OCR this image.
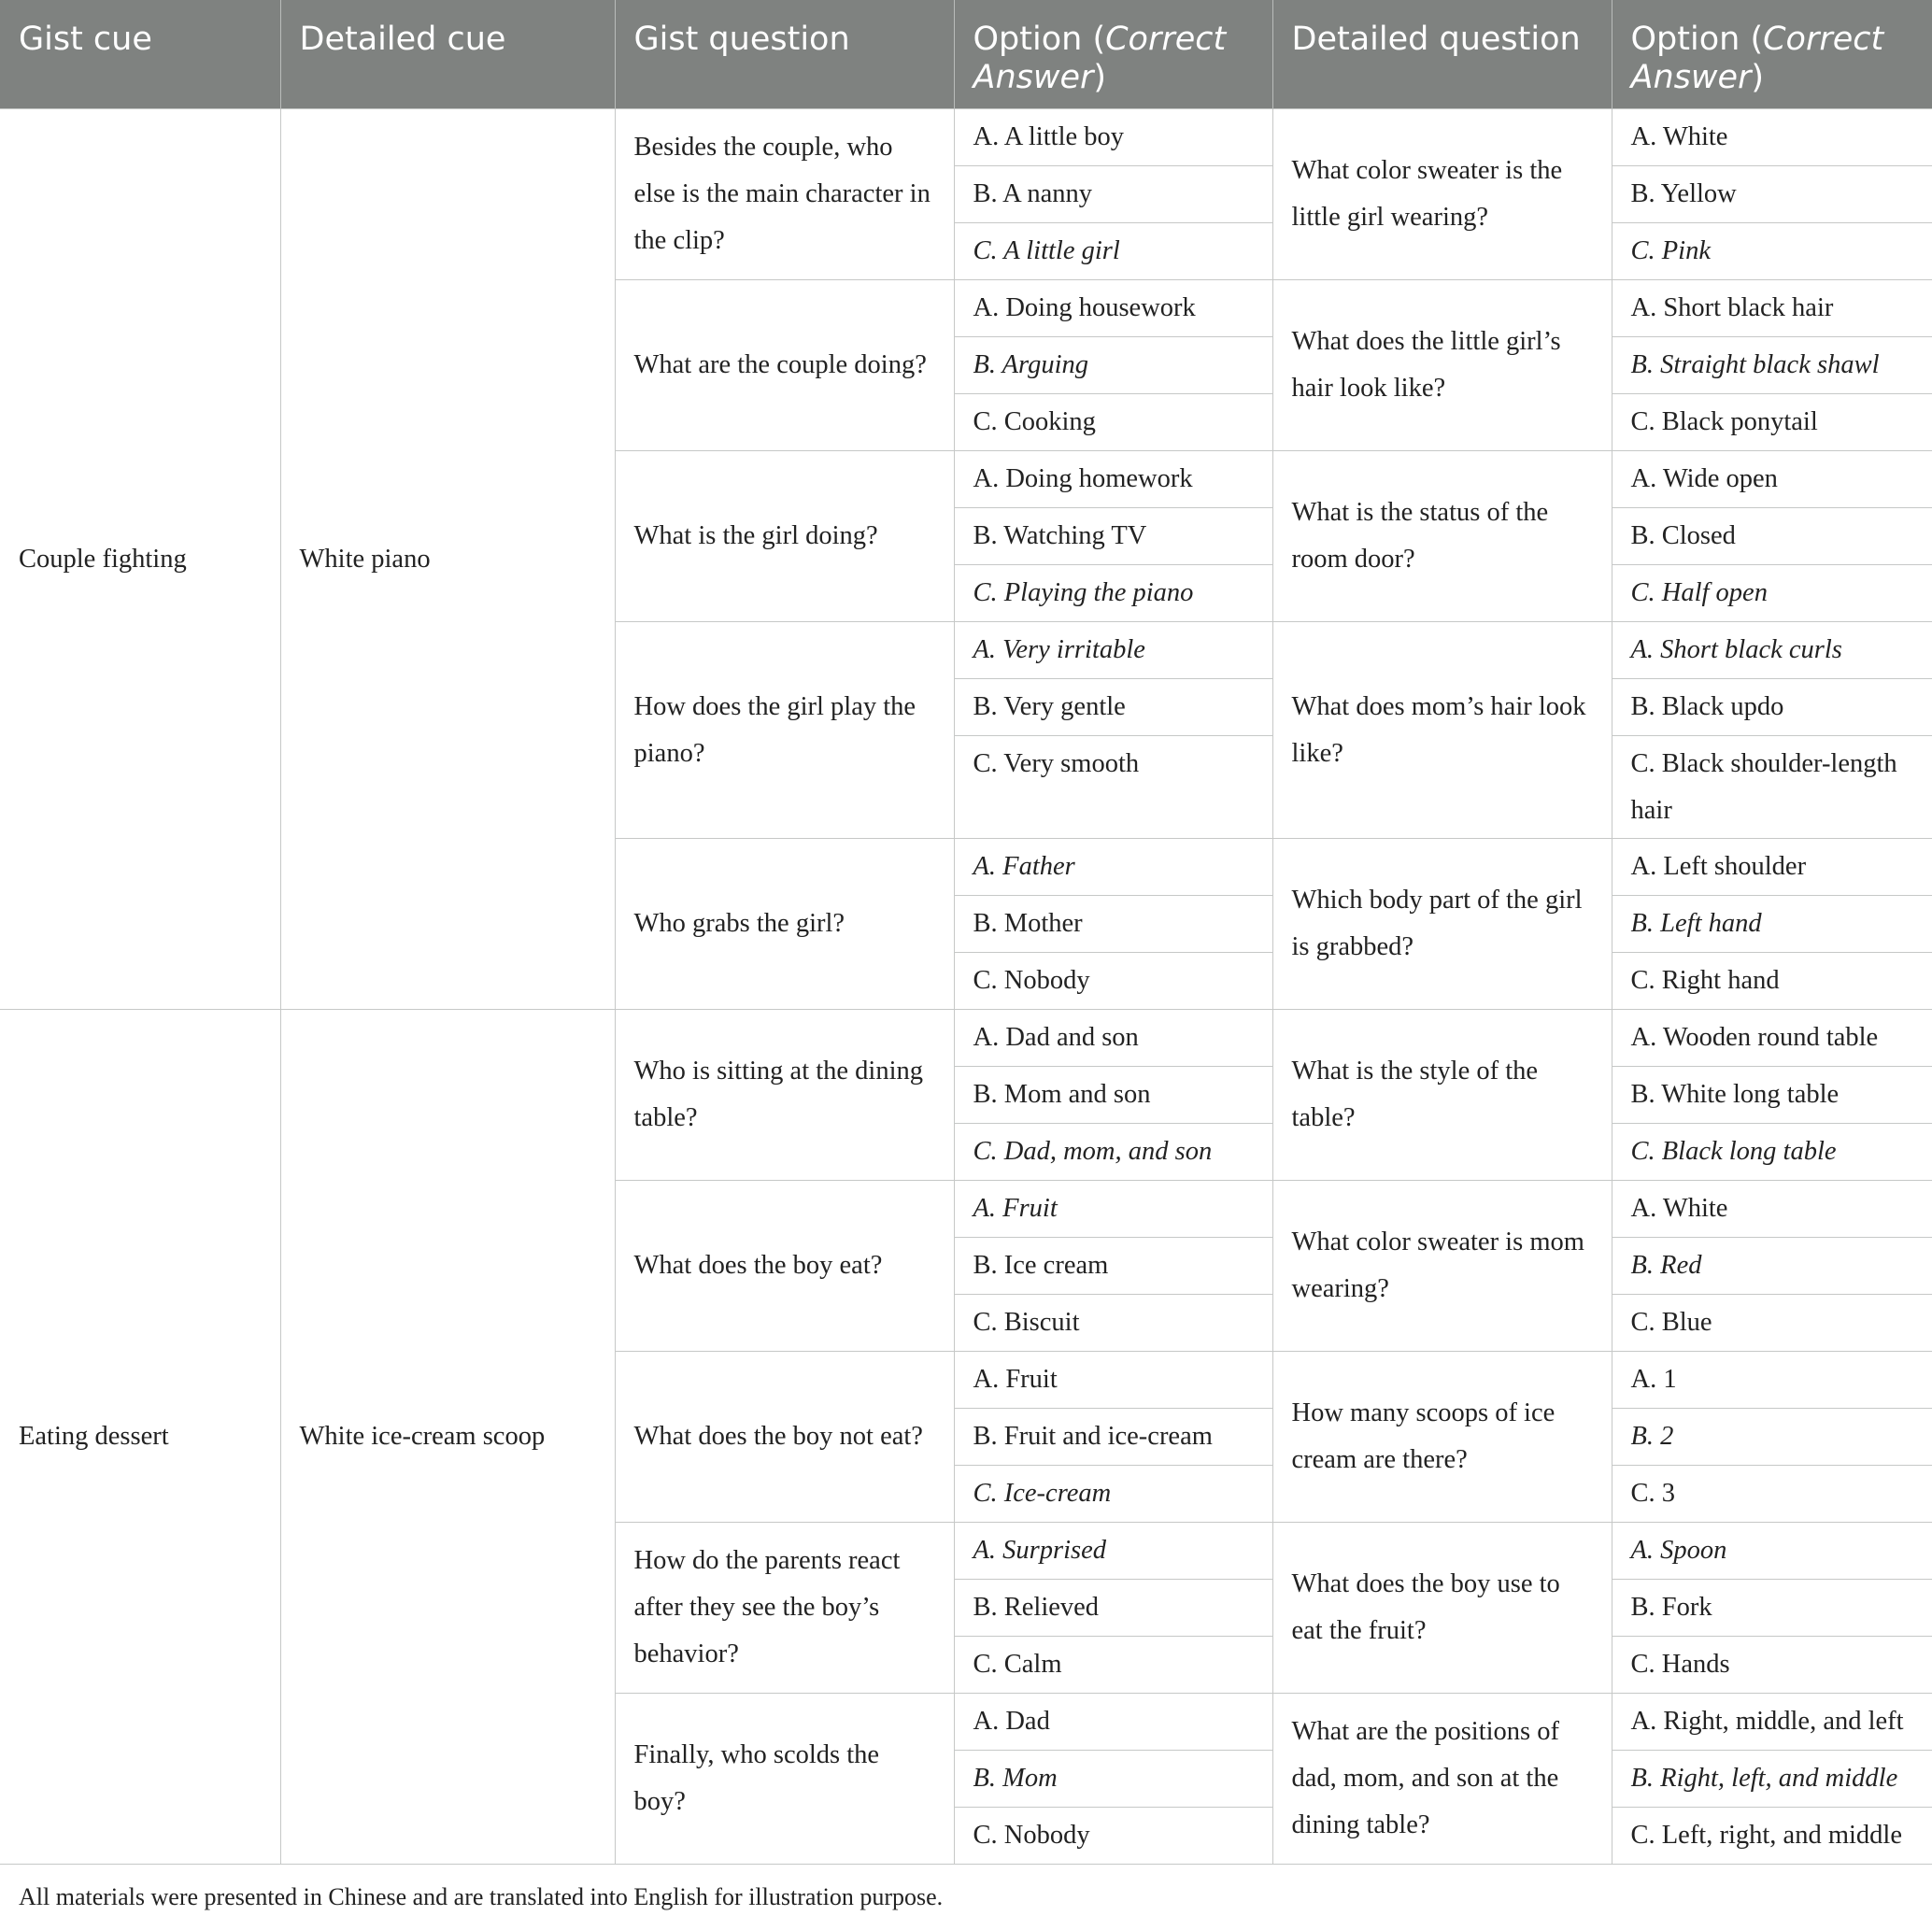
Gist cue	Detailed cue	Gist question	Option (Correct Answer)	Detailed question	Option (Correct Answer)
Couple fighting	White piano	Besides the couple, who else is the main character in the clip?	A. A little boy	What color sweater is the little girl wearing?	A. White
			B. A nanny		B. Yellow
			C. A little girl		C. Pink
		What are the couple doing?	A. Doing housework	What does the little girl’s hair look like?	A. Short black hair
			B. Arguing		B. Straight black shawl
			C. Cooking		C. Black ponytail
		What is the girl doing?	A. Doing homework	What is the status of the room door?	A. Wide open
			B. Watching TV		B. Closed
			C. Playing the piano		C. Half open
		How does the girl play the piano?	A. Very irritable	What does mom’s hair look like?	A. Short black curls
			B. Very gentle		B. Black updo
			C. Very smooth		C. Black shoulder-length hair
		Who grabs the girl?	A. Father	Which body part of the girl is grabbed?	A. Left shoulder
			B. Mother		B. Left hand
			C. Nobody		C. Right hand

Eating dessert	White ice-cream scoop	Who is sitting at the dining table?	A. Dad and son	What is the style of the table?	A. Wooden round table
			B. Mom and son		B. White long table
			C. Dad, mom, and son		C. Black long table
		What does the boy eat?	A. Fruit	What color sweater is mom wearing?	A. White
			B. Ice cream		B. Red
			C. Biscuit		C. Blue
		What does the boy not eat?	A. Fruit	How many scoops of ice cream are there?	A. 1
			B. Fruit and ice-cream		B. 2
			C. Ice-cream		C. 3
		How do the parents react after they see the boy’s behavior?	A. Surprised	What does the boy use to eat the fruit?	A. Spoon
			B. Relieved		B. Fork
			C. Calm		C. Hands
		Finally, who scolds the boy?	A. Dad	What are the positions of dad, mom, and son at the dining table?	A. Right, middle, and left
			B. Mom		B. Right, left, and middle
			C. Nobody		C. Left, right, and middle
All materials were presented in Chinese and are translated into English for illustration purpose.
